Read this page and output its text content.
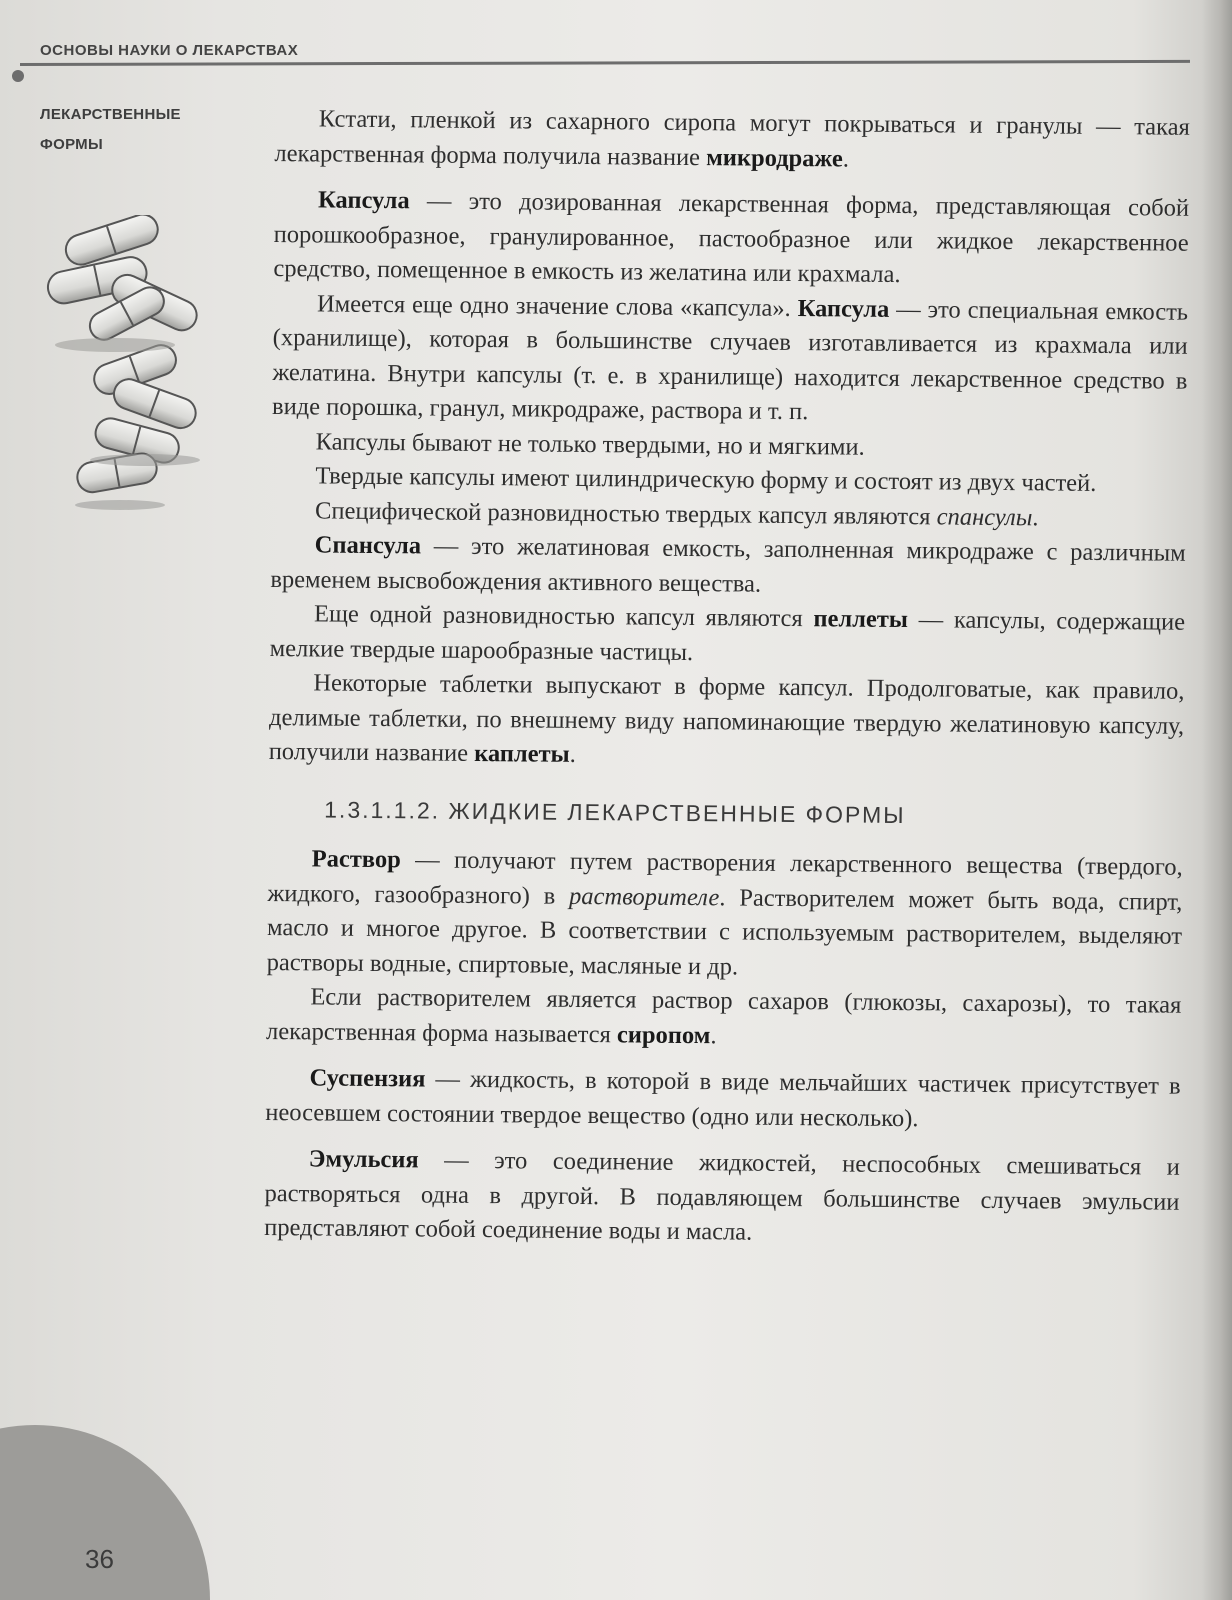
ОСНОВЫ НАУКИ О ЛЕКАРСТВАХ
ЛЕКАРСТВЕННЫЕ
ФОРМЫ

Кстати, пленкой из сахарного сиропа могут покрываться и гранулы — такая лекарственная форма получила название микродраже.

Капсула — это дозированная лекарственная форма, представляющая собой порошкообразное, гранулированное, пастообразное или жидкое лекарственное средство, помещенное в емкость из желатина или крахмала.

Имеется еще одно значение слова «капсула». Капсула — это специальная емкость (хранилище), которая в большинстве случаев изготавливается из крахмала или желатина. Внутри капсулы (т. е. в хранилище) находится лекарственное средство в виде порошка, гранул, микродраже, раствора и т. п.

Капсулы бывают не только твердыми, но и мягкими.

Твердые капсулы имеют цилиндрическую форму и состоят из двух частей.

Специфической разновидностью твердых капсул являются спансулы.

Спансула — это желатиновая емкость, заполненная микродраже с различным временем высвобождения активного вещества.

Еще одной разновидностью капсул являются пеллеты — капсулы, содержащие мелкие твердые шарообразные частицы.

Некоторые таблетки выпускают в форме капсул. Продолговатые, как правило, делимые таблетки, по внешнему виду напоминающие твердую желатиновую капсулу, получили название каплеты.

1.3.1.1.2. ЖИДКИЕ ЛЕКАРСТВЕННЫЕ ФОРМЫ

Раствор — получают путем растворения лекарственного вещества (твердого, жидкого, газообразного) в растворителе. Растворителем может быть вода, спирт, масло и многое другое. В соответствии с используемым растворителем, выделяют растворы водные, спиртовые, масляные и др.

Если растворителем является раствор сахаров (глюкозы, сахарозы), то такая лекарственная форма называется сиропом.

Суспензия — жидкость, в которой в виде мельчайших частичек присутствует в неосевшем состоянии твердое вещество (одно или несколько).

Эмульсия — это соединение жидкостей, неспособных смешиваться и растворяться одна в другой. В подавляющем большинстве случаев эмульсии представляют собой соединение воды и масла.

36
